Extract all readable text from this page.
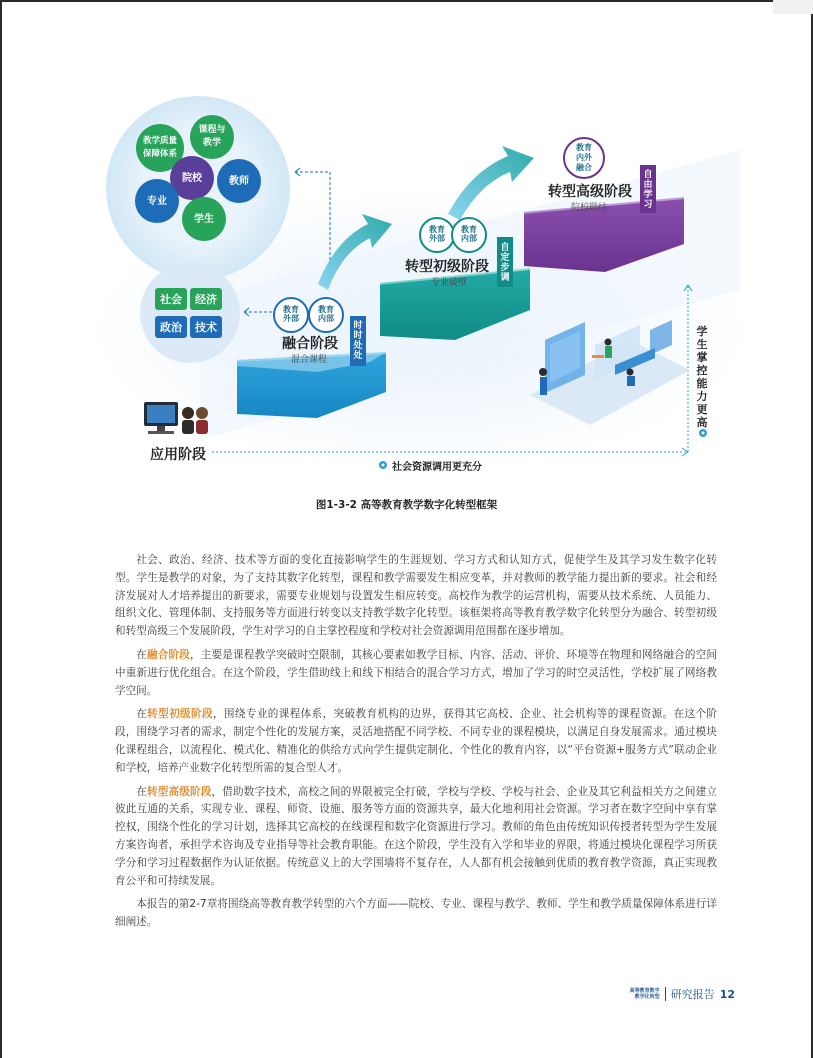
教学质量保障体系
课程与教学
院校	教师
专业
学生
社会	经济
政治	技术
教育外部
教育内部
融合阶段
混合课程
时时处处
教育外部
教育内部
转型初级阶段
专业破壁
自定步调
教育内外融合
转型高级阶段
院校联结
自由学习
应用阶段
社会资源调用更充分
学生掌控能力更高
图1-3-2 高等教育教学数字化转型框架

社会、政治、经济、技术等方面的变化直接影响学生的生涯规划、学习方式和认知方式，促使学生及其学习发生数字化转型。学生是教学的对象，为了支持其数字化转型，课程和教学需要发生相应变革，并对教师的教学能力提出新的要求。社会和经济发展对人才培养提出的新要求，需要专业规划与设置发生相应转变。高校作为教学的运营机构，需要从技术系统、人员能力、组织文化、管理体制、支持服务等方面进行转变以支持教学数字化转型。该框架将高等教育教学数字化转型分为融合、转型初级和转型高级三个发展阶段，学生对学习的自主掌控程度和学校对社会资源调用范围都在逐步增加。

在融合阶段，主要是课程教学突破时空限制，其核心要素如教学目标、内容、活动、评价、环境等在物理和网络融合的空间中重新进行优化组合。在这个阶段，学生借助线上和线下相结合的混合学习方式，增加了学习的时空灵活性，学校扩展了网络教学空间。

在转型初级阶段，围绕专业的课程体系，突破教育机构的边界，获得其它高校、企业、社会机构等的课程资源。在这个阶段，围绕学习者的需求，制定个性化的发展方案，灵活地搭配不同学校、不同专业的课程模块，以满足自身发展需求。通过模块化课程组合，以流程化、模式化、精准化的供给方式向学生提供定制化、个性化的教育内容，以“平台资源+服务方式”联动企业和学校，培养产业数字化转型所需的复合型人才。

在转型高级阶段，借助数字技术，高校之间的界限被完全打破，学校与学校、学校与社会、企业及其它利益相关方之间建立彼此互通的关系，实现专业、课程、师资、设施、服务等方面的资源共享，最大化地利用社会资源。学习者在数字空间中享有掌控权，围绕个性化的学习计划，选择其它高校的在线课程和数字化资源进行学习。教师的角色由传统知识传授者转型为学生发展方案咨询者，承担学术咨询及专业指导等社会教育职能。在这个阶段，学生没有入学和毕业的界限，将通过模块化课程学习所获学分和学习过程数据作为认证依据。传统意义上的大学围墙将不复存在，人人都有机会接触到优质的教育教学资源，真正实现教育公平和可持续发展。

本报告的第2-7章将围绕高等教育教学转型的六个方面——院校、专业、课程与教学、教师、学生和教学质量保障体系进行详细阐述。

高等教育数字
教学化转型 研究报告 12
